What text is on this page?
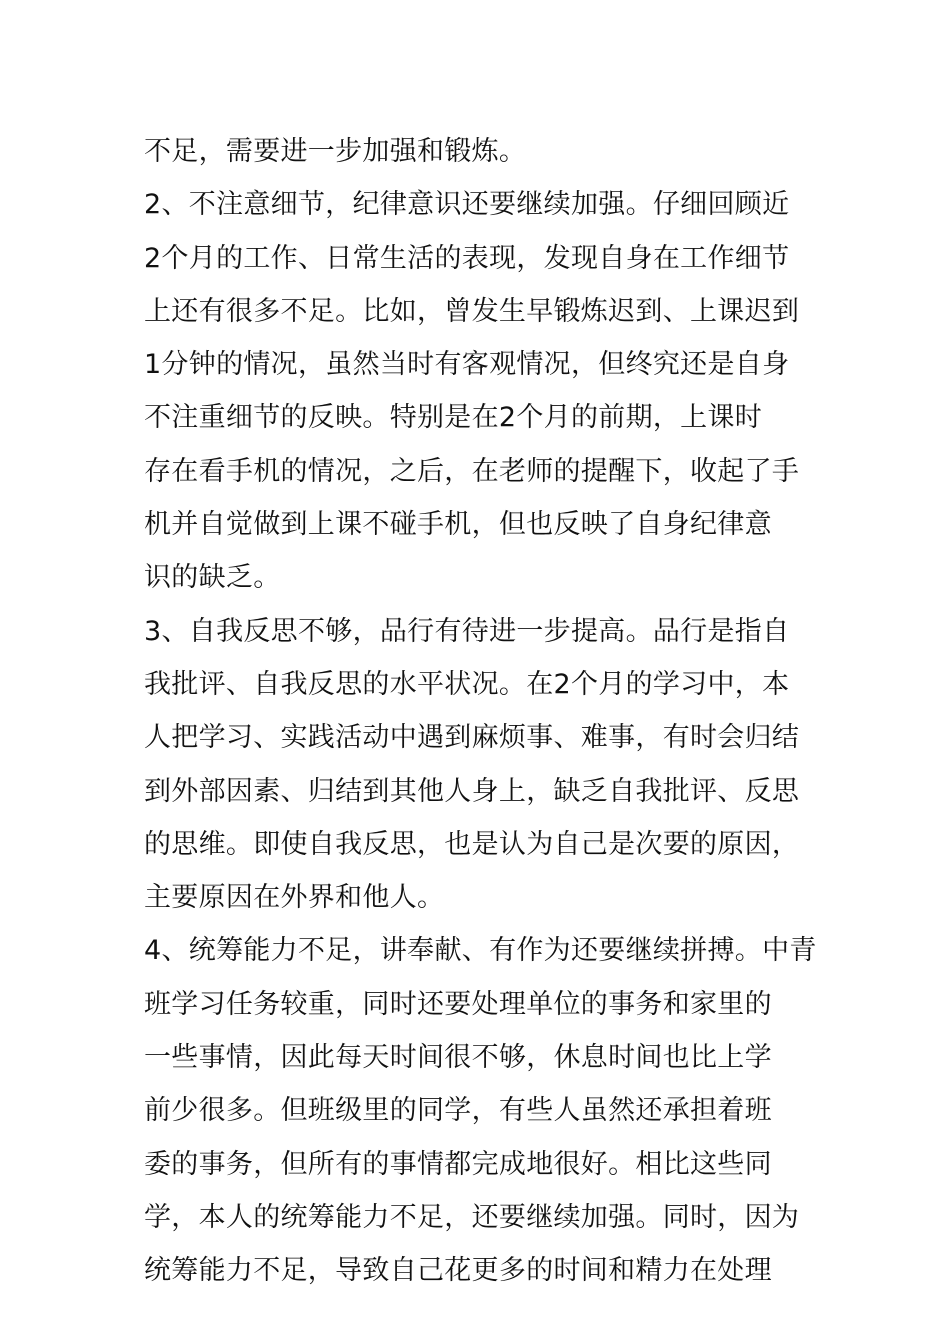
不足，需要进一步加强和锻炼。
2、不注意细节，纪律意识还要继续加强。仔细回顾近
2个月的工作、日常生活的表现，发现自身在工作细节
上还有很多不足。比如，曾发生早锻炼迟到、上课迟到
1分钟的情况，虽然当时有客观情况，但终究还是自身
不注重细节的反映。特别是在2个月的前期，上课时
存在看手机的情况，之后，在老师的提醒下，收起了手
机并自觉做到上课不碰手机，但也反映了自身纪律意
识的缺乏。
3、自我反思不够，品行有待进一步提高。品行是指自
我批评、自我反思的水平状况。在2个月的学习中，本
人把学习、实践活动中遇到麻烦事、难事，有时会归结
到外部因素、归结到其他人身上，缺乏自我批评、反思
的思维。即使自我反思，也是认为自己是次要的原因，
主要原因在外界和他人。
4、统筹能力不足，讲奉献、有作为还要继续拼搏。中青
班学习任务较重，同时还要处理单位的事务和家里的
一些事情，因此每天时间很不够，休息时间也比上学
前少很多。但班级里的同学，有些人虽然还承担着班
委的事务，但所有的事情都完成地很好。相比这些同
学，本人的统筹能力不足，还要继续加强。同时，因为
统筹能力不足，导致自己花更多的时间和精力在处理
